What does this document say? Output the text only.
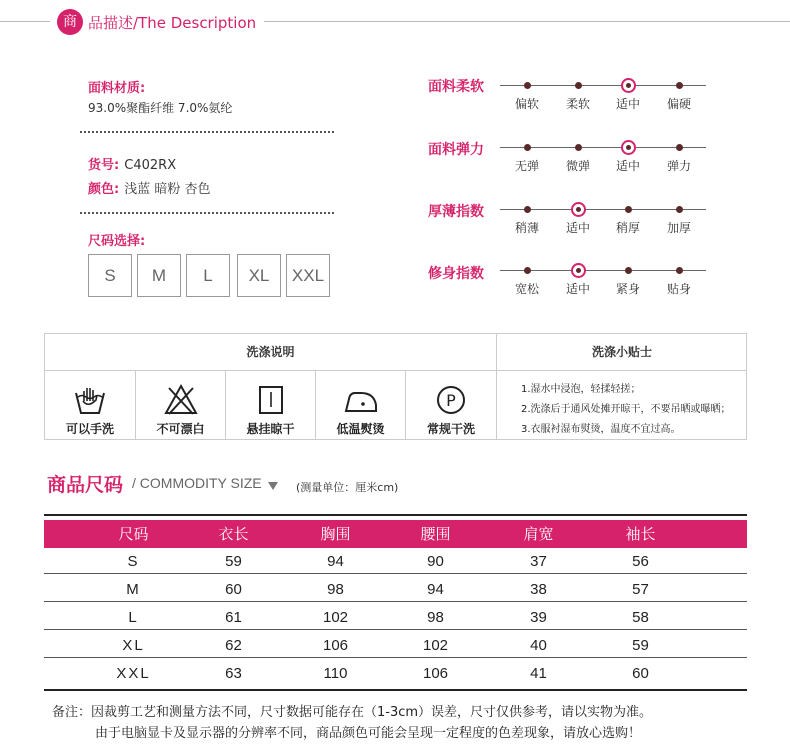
商 品描述/The Description
面料材质:
93.0%聚酯纤维 7.0%氨纶
货号: C402RX
颜色: 浅蓝 暗粉 杏色
尺码选择:
S	M	L	XL	XXL
面料柔软
面料弹力
厚薄指数
修身指数
偏软	柔软	适中	偏硬
无弹	微弹	适中	弹力
稍薄	适中	稍厚	加厚
宽松	适中	紧身	贴身
洗涤说明	洗涤小贴士
可以手洗	不可漂白	悬挂晾干	低温熨烫
P
常规干洗
1.湿水中浸泡，轻揉轻搓；
2.洗涤后于通风处摊开晾干，不要吊晒或曝晒；
3.衣服衬湿布熨烫，温度不宜过高。
商品尺码 / COMMODITY SIZE	(测量单位：厘米cm)
尺码	衣长	胸围	腰围	肩宽	袖长
S	59	94	90	37	56
M	60	98	94	38	57
L	61	102	98	39	58
XL	62	106	102	40	59
XXL	63	110	106	41	60
备注：因裁剪工艺和测量方法不同，尺寸数据可能存在（1-3cm）误差，尺寸仅供参考，请以实物为准。
由于电脑显卡及显示器的分辨率不同，商品颜色可能会呈现一定程度的色差现象，请放心选购！
